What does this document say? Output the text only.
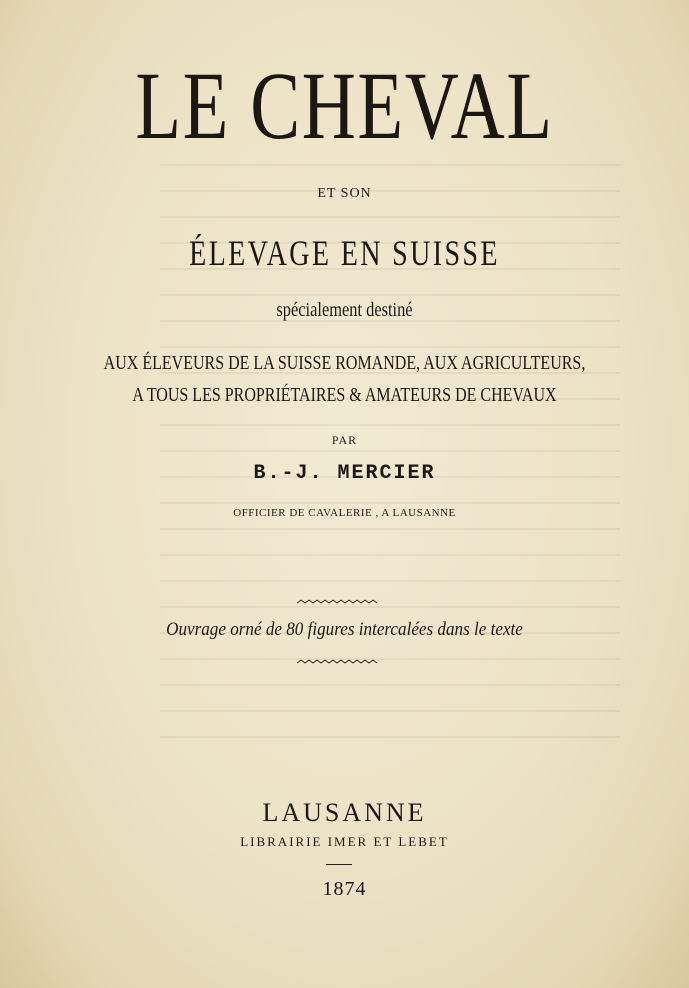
LE CHEVAL
ET SON
ÉLEVAGE EN SUISSE
spécialement destiné
AUX ÉLEVEURS DE LA SUISSE ROMANDE, AUX AGRICULTEURS,
A TOUS LES PROPRIÉTAIRES & AMATEURS DE CHEVAUX
PAR
B.-J. MERCIER
OFFICIER DE CAVALERIE , A LAUSANNE
Ouvrage orné de 80 figures intercalées dans le texte
LAUSANNE
LIBRAIRIE IMER ET LEBET
1874
